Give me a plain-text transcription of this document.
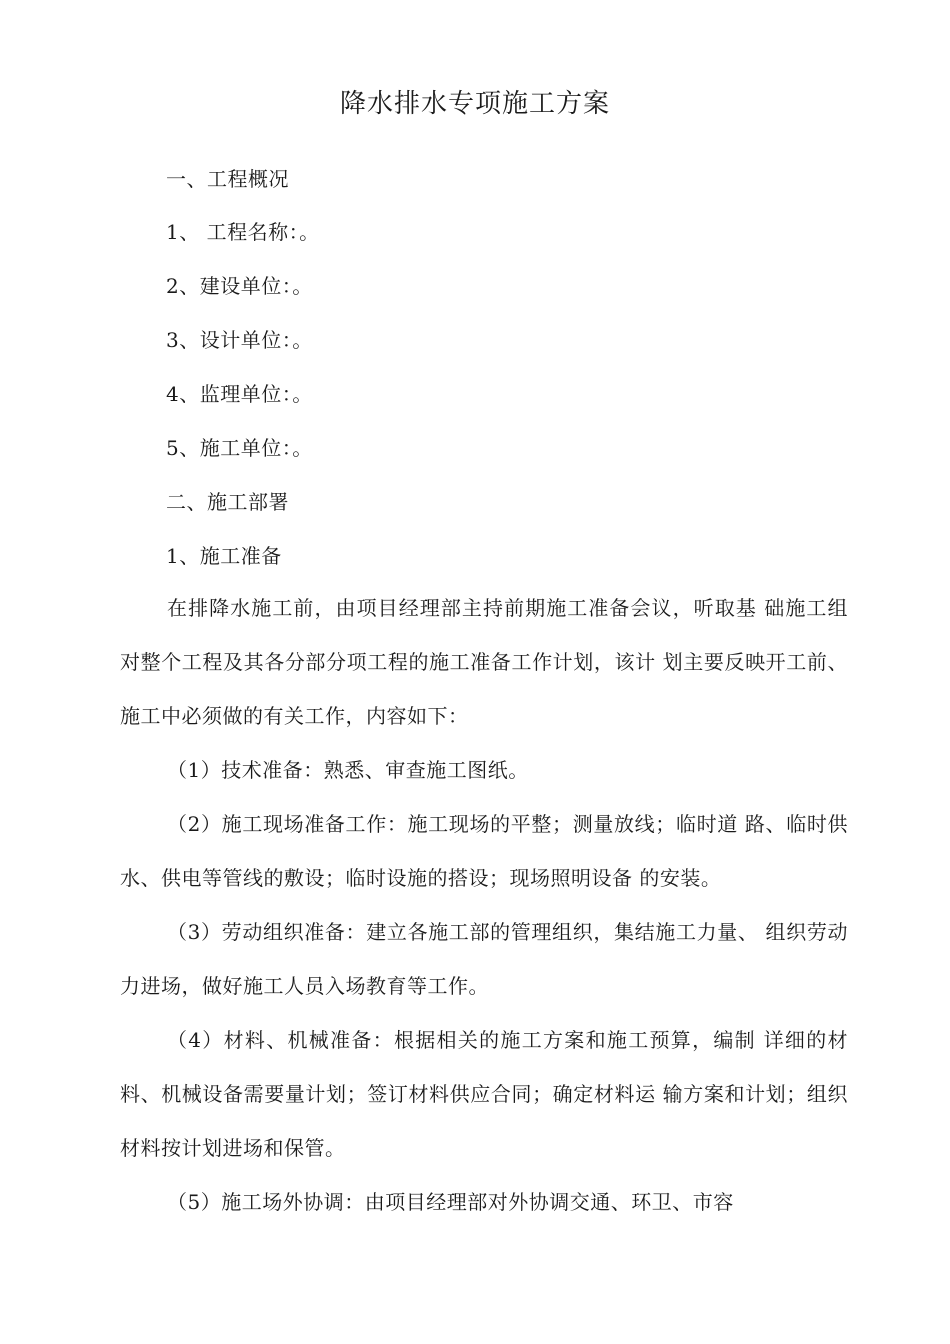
降水排水专项施工方案
一、工程概况
1、 工程名称：。
2、建设单位：。
3、设计单位：。
4、监理单位：。
5、施工单位：。
二、施工部署
1、施工准备
在排降水施工前，由项目经理部主持前期施工准备会议，听取基 础施工组对整个工程及其各分部分项工程的施工准备工作计划，该计 划主要反映开工前、施工中必须做的有关工作，内容如下：
（1）技术准备：熟悉、审查施工图纸。
（2）施工现场准备工作：施工现场的平整；测量放线；临时道 路、临时供水、供电等管线的敷设；临时设施的搭设；现场照明设备 的安装。
（3）劳动组织准备：建立各施工部的管理组织，集结施工力量、 组织劳动力进场，做好施工人员入场教育等工作。
（4）材料、机械准备：根据相关的施工方案和施工预算，编制 详细的材料、机械设备需要量计划；签订材料供应合同；确定材料运 输方案和计划；组织材料按计划进场和保管。
（5）施工场外协调：由项目经理部对外协调交通、环卫、市容
